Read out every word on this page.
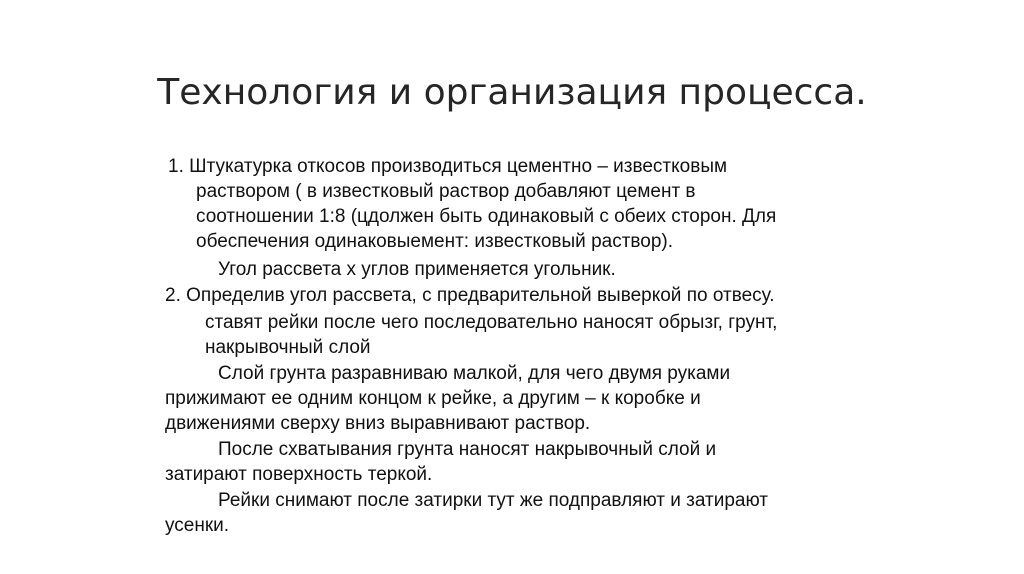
Технология и организация процесса.

1. Штукатурка откосов производиться цементно – известковым

раствором ( в известковый раствор добавляют цемент в

соотношении 1:8 (цдолжен быть одинаковый с обеих сторон. Для

обеспечения одинаковыемент: известковый раствор).

Угол рассвета х углов применяется угольник.

2. Определив угол рассвета, с предварительной выверкой по отвесу.

ставят рейки после чего последовательно наносят обрызг, грунт,

накрывочный слой

Слой грунта разравниваю малкой, для чего двумя руками

прижимают ее одним концом к рейке, а другим – к коробке и

движениями сверху вниз выравнивают раствор.

После схватывания грунта наносят накрывочный слой и

затирают поверхность теркой.

Рейки снимают после затирки тут же подправляют и затирают

усенки.
